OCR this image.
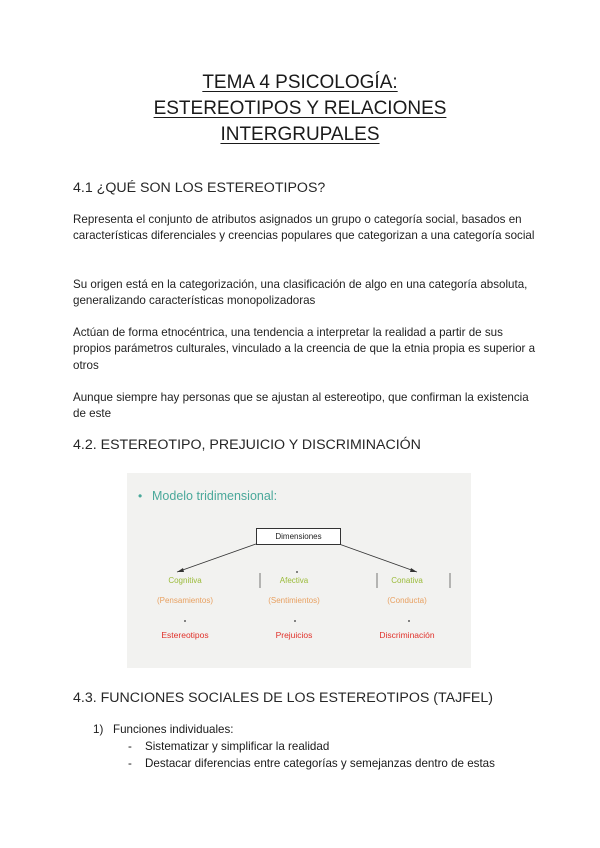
TEMA 4 PSICOLOGÍA:
ESTEREOTIPOS Y RELACIONES
INTERGRUPALES
4.1 ¿QUÉ SON LOS ESTEREOTIPOS?
Representa el conjunto de atributos asignados un grupo o categoría social, basados en características diferenciales y creencias populares que categorizan a una categoría social
Su origen está en la categorización, una clasificación de algo en una categoría absoluta, generalizando características monopolizadoras
Actúan de forma etnocéntrica, una tendencia a interpretar la realidad a partir de sus propios parámetros culturales, vinculado a la creencia de que la etnia propia es superior a otros
Aunque siempre hay personas que se ajustan al estereotipo, que confirman la existencia de este
4.2. ESTEREOTIPO, PREJUICIO Y DISCRIMINACIÓN
• Modelo tridimensional:
Dimensiones
Cognitiva	Afectiva	Conativa
(Pensamientos)	(Sentimientos)	(Conducta)
Estereotipos	Prejuicios	Discriminación
4.3. FUNCIONES SOCIALES DE LOS ESTEREOTIPOS (TAJFEL)
1) Funciones individuales:
- Sistematizar y simplificar la realidad
- Destacar diferencias entre categorías y semejanzas dentro de estas
